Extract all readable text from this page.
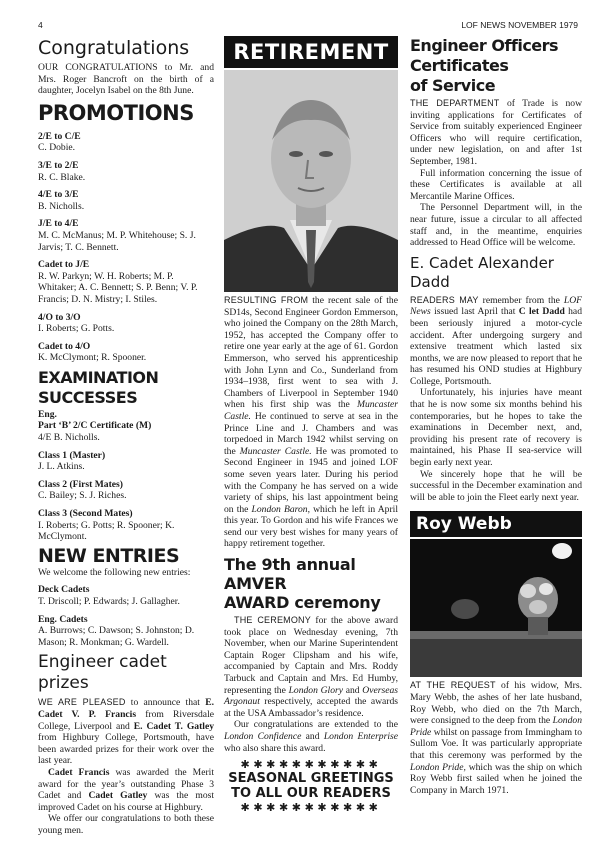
4	LOF NEWS NOVEMBER 1979
Congratulations

OUR CONGRATULATIONS to Mr. and Mrs. Roger Bancroft on the birth of a daughter, Jocelyn Isabel on the 8th June.

PROMOTIONS
2/E to C/E
C. Dobie.
3/E to 2/E
R. C. Blake.
4/E to 3/E
B. Nicholls.
J/E to 4/E
M. C. McManus; M. P. Whitehouse; S. J. Jarvis; T. C. Bennett.
Cadet to J/E
R. W. Parkyn; W. H. Roberts; M. P. Whitaker; A. C. Bennett; S. P. Benn; V. P. Francis; D. N. Mistry; I. Stiles.
4/O to 3/O
I. Roberts; G. Potts.
Cadet to 4/O
K. McClymont; R. Spooner.
EXAMINATION SUCCESSES
Eng.
Part ‘B’ 2/C Certificate (M)
4/E B. Nicholls.
Class 1 (Master)
J. L. Atkins.
Class 2 (First Mates)
C. Bailey; S. J. Riches.
Class 3 (Second Mates)
I. Roberts; G. Potts; R. Spooner; K. McClymont.
NEW ENTRIES

We welcome the following new entries:

Deck Cadets
T. Driscoll; P. Edwards; J. Gallagher.
Eng. Cadets
A. Burrows; C. Dawson; S. Johnston; D. Mason; R. Monkman; G. Wardell.
Engineer cadet prizes

WE ARE PLEASED to announce that E. Cadet V. P. Francis from Riversdale College, Liverpool and E. Cadet T. Gatley from Highbury College, Portsmouth, have been awarded prizes for their work over the last year.

Cadet Francis was awarded the Merit award for the year’s outstanding Phase 3 Cadet and Cadet Gatley was the most improved Cadet on his course at Highbury.

We offer our congratulations to both these young men.

RETIREMENT

RESULTING FROM the recent sale of the SD14s, Second Engineer Gordon Emmerson, who joined the Company on the 28th March, 1952, has accepted the Company offer to retire one year early at the age of 61. Gordon Emmerson, who served his apprenticeship with John Lynn and Co., Sunderland from 1934–1938, first went to sea with J. Chambers of Liverpool in September 1940 when his first ship was the Muncaster Castle. He continued to serve at sea in the Prince Line and J. Chambers and was torpedoed in March 1942 whilst serving on the Muncaster Castle. He was promoted to Second Engineer in 1945 and joined LOF some seven years later. During his period with the Company he has served on a wide variety of ships, his last appointment being on the London Baron, which he left in April this year. To Gordon and his wife Frances we send our very best wishes for many years of happy retirement together.

The 9th annual AMVER
AWARD ceremony

THE CEREMONY for the above award took place on Wednesday evening, 7th November, when our Marine Superintendent Captain Roger Clipsham and his wife, accompanied by Captain and Mrs. Roddy Tarbuck and Captain and Mrs. Ed Humby, representing the London Glory and Overseas Argonaut respectively, accepted the awards at the USA Ambassador’s residence.

Our congratulations are extended to the London Confidence and London Enterprise who also share this award.

✱✱✱✱✱✱✱✱✱✱✱
SEASONAL GREETINGS
TO ALL OUR READERS
✱✱✱✱✱✱✱✱✱✱✱
Engineer Officers
Certificates
of Service

THE DEPARTMENT of Trade is now inviting applications for Certificates of Service from suitably experienced Engineer Officers who will require certification, under new legislation, on and after 1st September, 1981.

Full information concerning the issue of these Certificates is available at all Mercantile Marine Offices.

The Personnel Department will, in the near future, issue a circular to all affected staff and, in the meantime, enquiries addressed to Head Office will be welcome.

E. Cadet Alexander Dadd

READERS MAY remember from the LOF News issued last April that C let Dadd had been seriously injured a motor-cycle accident. After undergoing surgery and extensive treatment which lasted six months, we are now pleased to report that he has resumed his OND studies at Highbury College, Portsmouth.

Unfortunately, his injuries have meant that he is now some six months behind his contemporaries, but he hopes to take the examinations in December next, and, providing his present rate of recovery is maintained, his Phase II sea-service will begin early next year.

We sincerely hope that he will be successful in the December examination and will be able to join the Fleet early next year.

Roy Webb

AT THE REQUEST of his widow, Mrs. Mary Webb, the ashes of her late husband, Roy Webb, who died on the 7th March, were consigned to the deep from the London Pride whilst on passage from Immingham to Sullom Voe. It was particularly appropriate that this ceremony was performed by the London Pride, which was the ship on which Roy Webb first sailed when he joined the Company in March 1971.
